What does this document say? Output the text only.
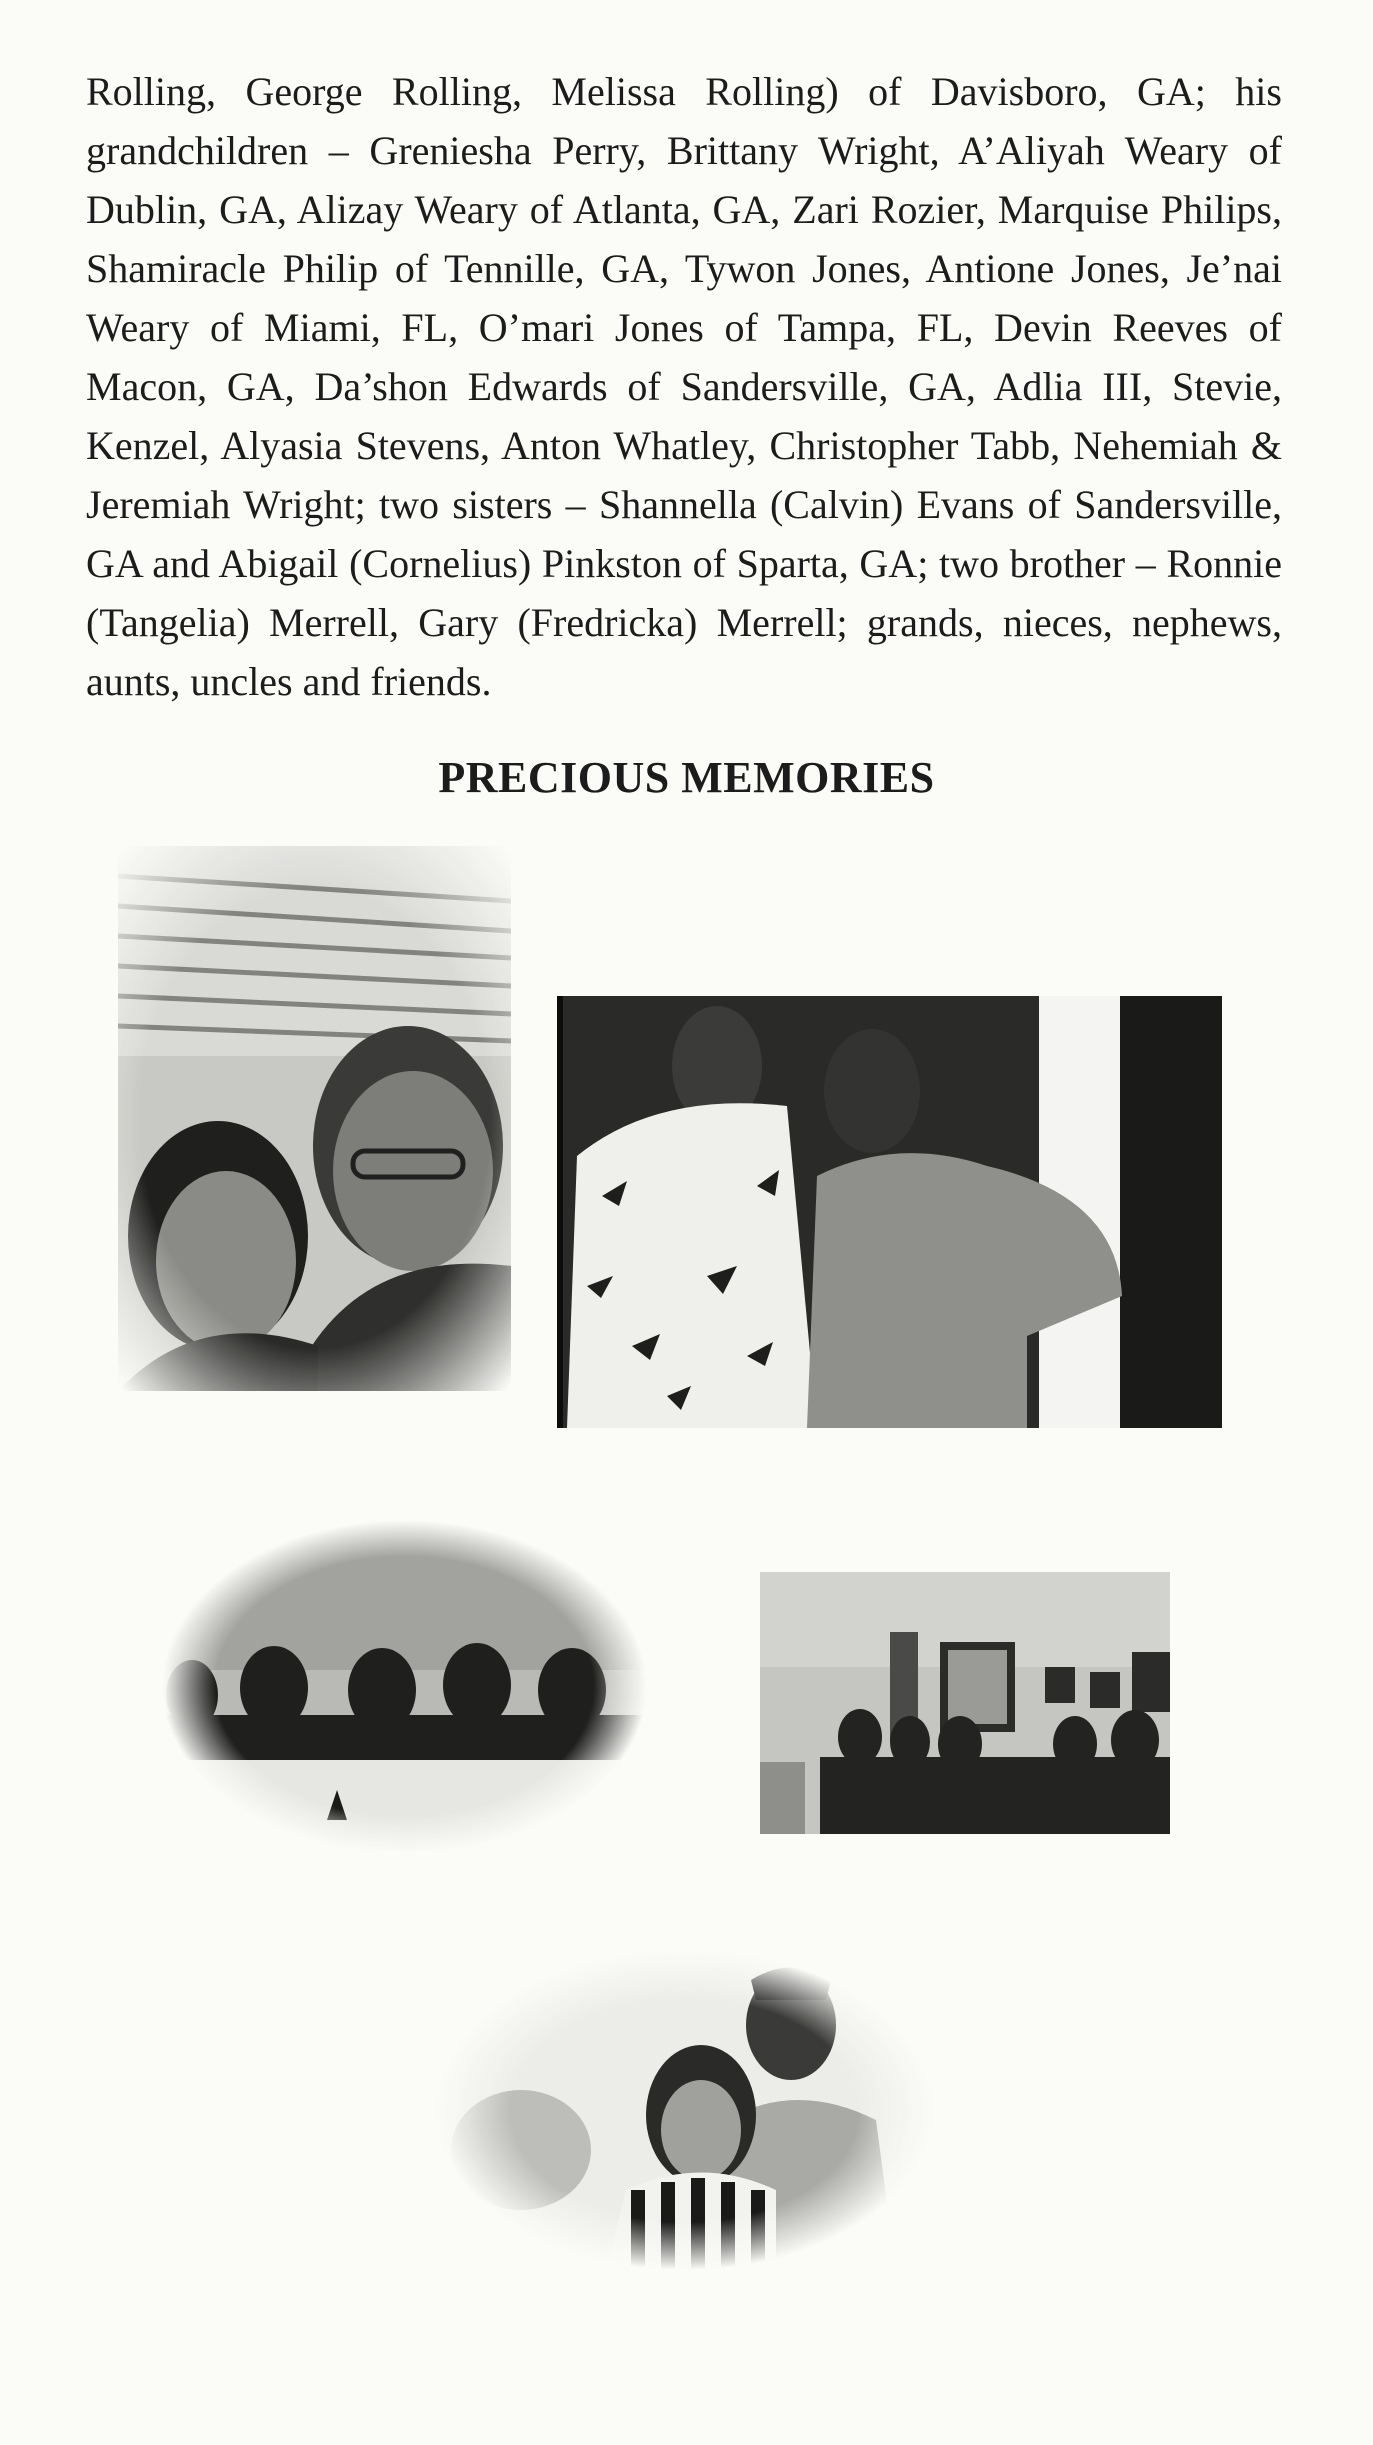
Rolling, George Rolling, Melissa Rolling) of Davisboro, GA; his grandchildren – Greniesha Perry, Brittany Wright, A’Aliyah Weary of Dublin, GA, Alizay Weary of Atlanta, GA, Zari Rozier, Marquise Philips, Shamiracle Philip of Tennille, GA, Tywon Jones, Antione Jones, Je’nai Weary of Miami, FL, O’mari Jones of Tampa, FL, Devin Reeves of Macon, GA, Da’shon Edwards of Sandersville, GA, Adlia III, Stevie, Kenzel, Alyasia Stevens, Anton Whatley, Christopher Tabb, Nehemiah & Jeremiah Wright; two sisters – Shannella (Calvin) Evans of Sandersville, GA and Abigail (Cornelius) Pinkston of Sparta, GA; two brother – Ronnie (Tangelia) Merrell, Gary (Fredricka) Merrell; grands, nieces, nephews, aunts, uncles and friends.

PRECIOUS MEMORIES
